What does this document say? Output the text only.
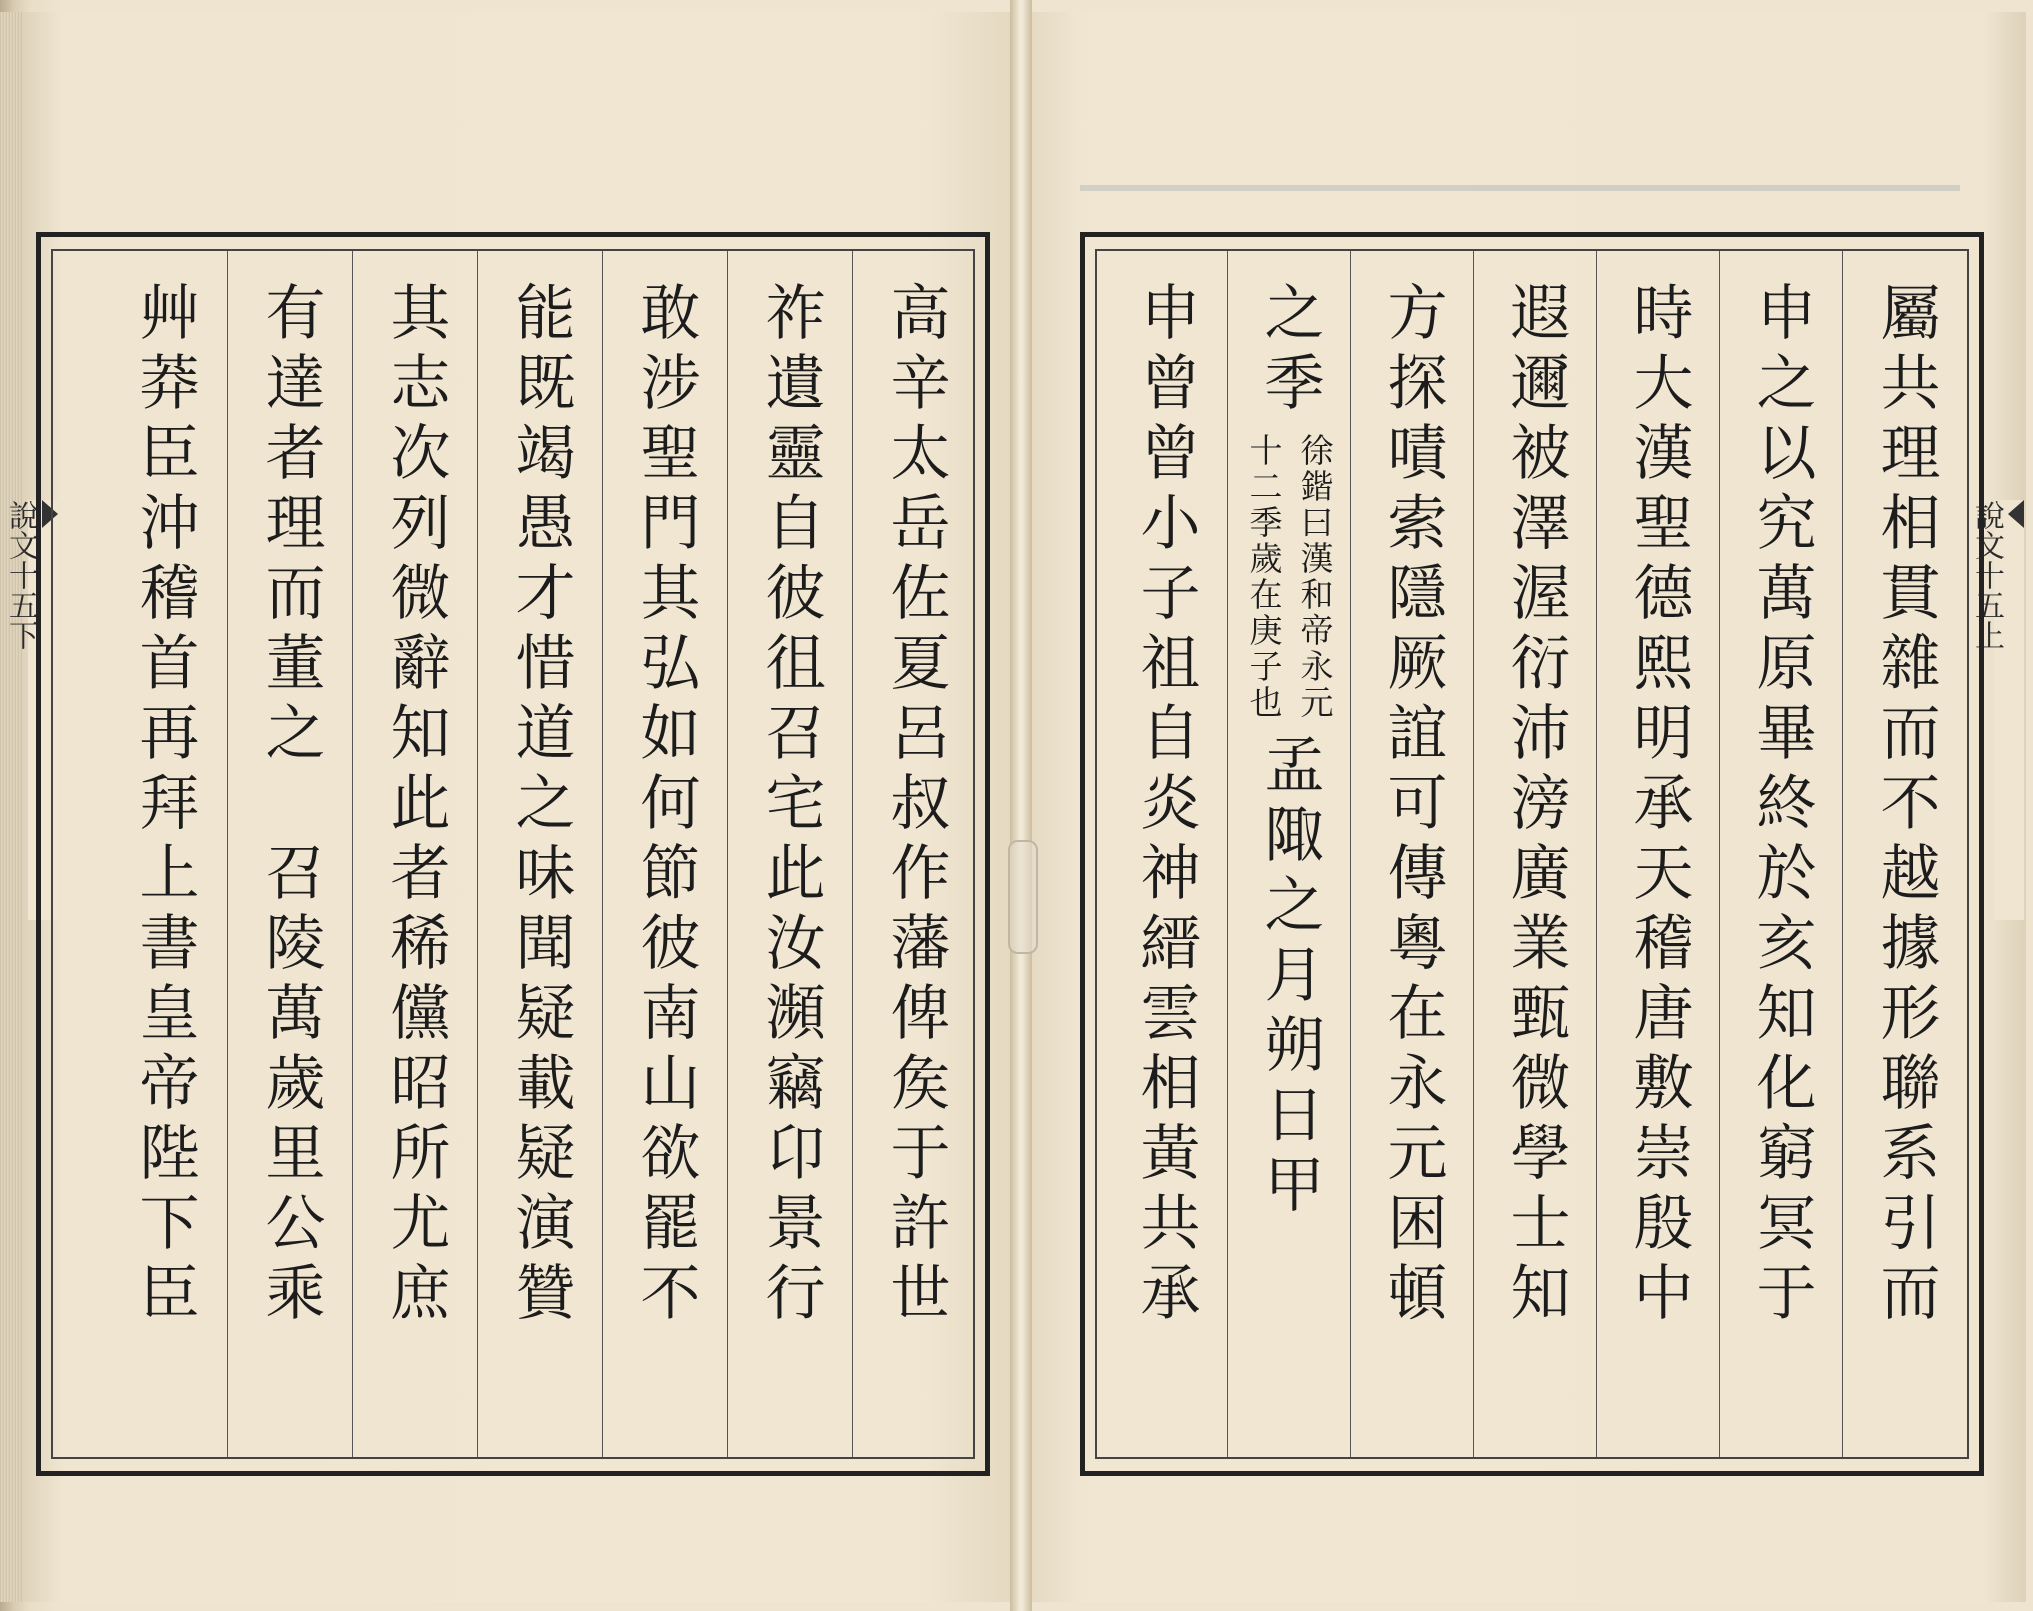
說文十五下	說文十五上
高辛太岳佐夏呂叔作藩俾矦于許世
祚遺靈自彼徂召宅此汝瀕竊卬景行
敢涉聖門其弘如何節彼南山欲罷不
能既竭愚才惜道之味聞疑載疑演贊
其志次列微辭知此者稀儻昭所尤庶
有達者理而董之　召陵萬歲里公乘
艸莽臣沖稽首再拜上書皇帝陛下臣	屬共理相貫雜而不越據形聯系引而
申之以究萬原畢終於亥知化窮冥于
時大漢聖德熙明承天稽唐敷崇殷中
遐邇被澤渥衍沛滂廣業甄微學士知
方探嘖索隱厥誼可傳粵在永元困頓
之季
徐鍇曰漢和帝永元
十二季歲在庚子也
孟陬之月朔日甲
申曾曾小子祖自炎神縉雲相黃共承
